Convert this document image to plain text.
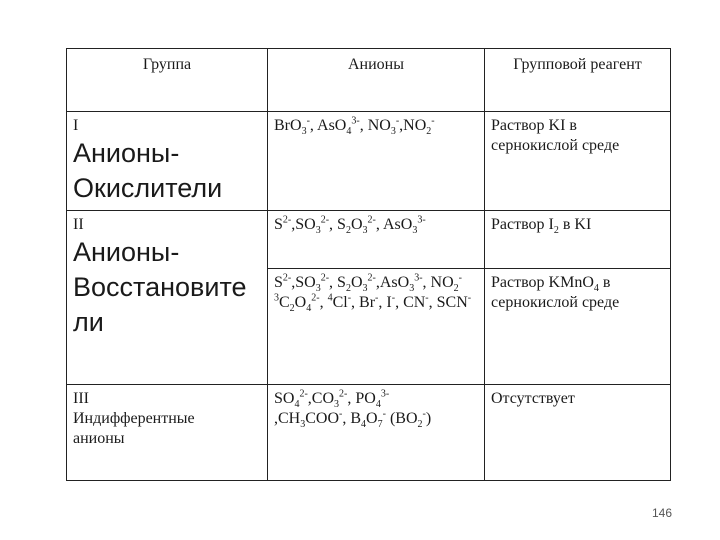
Группа	Анионы	Групповой реагент

I
Анионы-
Окислители	BrO$_3$-, AsO$_4^{3-}$, $NO_3^-,NO_2^-$	Раствор KI в сернокислой среде

II
Анионы-
Восстановите
ли	$S^{2-},SO_3^{2-}$, $S_2O_3^{2-}$, AsO$_3^{3-}$	Раствор $I_2$ в KI
	$S^{2-},SO_3^{2-}$, $S_2O_3^{2-},AsO_3^{3-}$, $NO_2^-$ $^3C_2O_4^{2-}$, $^4$Cl-, Br-, I-, CN-, SCN-	Раствор KMnO$_4$ в сернокислой среде

III
Индифферентные
анионы	$SO_4^{2-},CO_3^{2-}$, $PO_4^{3-}$
$,CH_3COO^-$, $B_4O_7^-$ $(BO_2^-)$	Отсутствует
146
